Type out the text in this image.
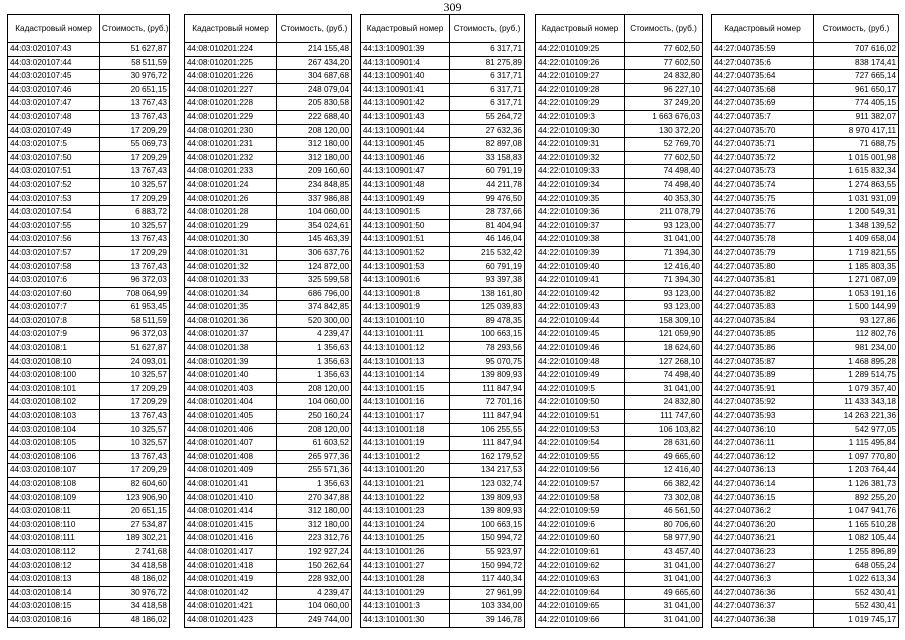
309
Кадастровый номер	Стоимость, (руб.)
44:03:020107:43	51 627,87
44:03:020107:44	58 511,59
44:03:020107:45	30 976,72
44:03:020107:46	20 651,15
44:03:020107:47	13 767,43
44:03:020107:48	13 767,43
44:03:020107:49	17 209,29
44:03:020107:5	55 069,73
44:03:020107:50	17 209,29
44:03:020107:51	13 767,43
44:03:020107:52	10 325,57
44:03:020107:53	17 209,29
44:03:020107:54	6 883,72
44:03:020107:55	10 325,57
44:03:020107:56	13 767,43
44:03:020107:57	17 209,29
44:03:020107:58	13 767,43
44:03:020107:6	96 372,03
44:03:020107:60	708 064,99
44:03:020107:7	61 953,45
44:03:020107:8	58 511,59
44:03:020107:9	96 372,03
44:03:020108:1	51 627,87
44:03:020108:10	24 093,01
44:03:020108:100	10 325,57
44:03:020108:101	17 209,29
44:03:020108:102	17 209,29
44:03:020108:103	13 767,43
44:03:020108:104	10 325,57
44:03:020108:105	10 325,57
44:03:020108:106	13 767,43
44:03:020108:107	17 209,29
44:03:020108:108	82 604,60
44:03:020108:109	123 906,90
44:03:020108:11	20 651,15
44:03:020108:110	27 534,87
44:03:020108:111	189 302,21
44:03:020108:112	2 741,68
44:03:020108:12	34 418,58
44:03:020108:13	48 186,02
44:03:020108:14	30 976,72
44:03:020108:15	34 418,58
44:03:020108:16	48 186,02
Кадастровый номер	Стоимость, (руб.)
44:08:010201:224	214 155,48
44:08:010201:225	267 434,20
44:08:010201:226	304 687,68
44:08:010201:227	248 079,04
44:08:010201:228	205 830,58
44:08:010201:229	222 688,40
44:08:010201:230	208 120,00
44:08:010201:231	312 180,00
44:08:010201:232	312 180,00
44:08:010201:233	209 160,60
44:08:010201:24	234 848,85
44:08:010201:26	337 986,88
44:08:010201:28	104 060,00
44:08:010201:29	354 024,61
44:08:010201:30	145 463,39
44:08:010201:31	306 637,76
44:08:010201:32	124 872,00
44:08:010201:33	325 599,58
44:08:010201:34	686 796,00
44:08:010201:35	374 842,85
44:08:010201:36	520 300,00
44:08:010201:37	4 239,47
44:08:010201:38	1 356,63
44:08:010201:39	1 356,63
44:08:010201:40	1 356,63
44:08:010201:403	208 120,00
44:08:010201:404	104 060,00
44:08:010201:405	250 160,24
44:08:010201:406	208 120,00
44:08:010201:407	61 603,52
44:08:010201:408	265 977,36
44:08:010201:409	255 571,36
44:08:010201:41	1 356,63
44:08:010201:410	270 347,88
44:08:010201:414	312 180,00
44:08:010201:415	312 180,00
44:08:010201:416	223 312,76
44:08:010201:417	192 927,24
44:08:010201:418	150 262,64
44:08:010201:419	228 932,00
44:08:010201:42	4 239,47
44:08:010201:421	104 060,00
44:08:010201:423	249 744,00
Кадастровый номер	Стоимость, (руб.)
44:13:100901:39	6 317,71
44:13:100901:4	81 275,89
44:13:100901:40	6 317,71
44:13:100901:41	6 317,71
44:13:100901:42	6 317,71
44:13:100901:43	55 264,72
44:13:100901:44	27 632,36
44:13:100901:45	82 897,08
44:13:100901:46	33 158,83
44:13:100901:47	60 791,19
44:13:100901:48	44 211,78
44:13:100901:49	99 476,50
44:13:100901:5	28 737,66
44:13:100901:50	81 404,94
44:13:100901:51	46 146,04
44:13:100901:52	215 532,42
44:13:100901:53	60 791,19
44:13:100901:6	93 397,38
44:13:100901:8	138 161,80
44:13:100901:9	125 039,83
44:13:101001:10	89 478,35
44:13:101001:11	100 663,15
44:13:101001:12	78 293,56
44:13:101001:13	95 070,75
44:13:101001:14	139 809,93
44:13:101001:15	111 847,94
44:13:101001:16	72 701,16
44:13:101001:17	111 847,94
44:13:101001:18	106 255,55
44:13:101001:19	111 847,94
44:13:101001:2	162 179,52
44:13:101001:20	134 217,53
44:13:101001:21	123 032,74
44:13:101001:22	139 809,93
44:13:101001:23	139 809,93
44:13:101001:24	100 663,15
44:13:101001:25	150 994,72
44:13:101001:26	55 923,97
44:13:101001:27	150 994,72
44:13:101001:28	117 440,34
44:13:101001:29	27 961,99
44:13:101001:3	103 334,00
44:13:101001:30	39 146,78
Кадастровый номер	Стоимость, (руб.)
44:22:010109:25	77 602,50
44:22:010109:26	77 602,50
44:22:010109:27	24 832,80
44:22:010109:28	96 227,10
44:22:010109:29	37 249,20
44:22:010109:3	1 663 676,03
44:22:010109:30	130 372,20
44:22:010109:31	52 769,70
44:22:010109:32	77 602,50
44:22:010109:33	74 498,40
44:22:010109:34	74 498,40
44:22:010109:35	40 353,30
44:22:010109:36	211 078,79
44:22:010109:37	93 123,00
44:22:010109:38	31 041,00
44:22:010109:39	71 394,30
44:22:010109:40	12 416,40
44:22:010109:41	71 394,30
44:22:010109:42	93 123,00
44:22:010109:43	93 123,00
44:22:010109:44	158 309,10
44:22:010109:45	121 059,90
44:22:010109:46	18 624,60
44:22:010109:48	127 268,10
44:22:010109:49	74 498,40
44:22:010109:5	31 041,00
44:22:010109:50	24 832,80
44:22:010109:51	111 747,60
44:22:010109:53	106 103,82
44:22:010109:54	28 631,60
44:22:010109:55	49 665,60
44:22:010109:56	12 416,40
44:22:010109:57	66 382,42
44:22:010109:58	73 302,08
44:22:010109:59	46 561,50
44:22:010109:6	80 706,60
44:22:010109:60	58 977,90
44:22:010109:61	43 457,40
44:22:010109:62	31 041,00
44:22:010109:63	31 041,00
44:22:010109:64	49 665,60
44:22:010109:65	31 041,00
44:22:010109:66	31 041,00
Кадастровый номер	Стоимость, (руб.)
44:27:040735:59	707 616,02
44:27:040735:6	838 174,41
44:27:040735:64	727 665,14
44:27:040735:68	961 650,17
44:27:040735:69	774 405,15
44:27:040735:7	911 382,07
44:27:040735:70	8 970 417,11
44:27:040735:71	71 688,75
44:27:040735:72	1 015 001,98
44:27:040735:73	1 615 832,34
44:27:040735:74	1 274 863,55
44:27:040735:75	1 031 931,09
44:27:040735:76	1 200 549,31
44:27:040735:77	1 348 139,52
44:27:040735:78	1 409 658,04
44:27:040735:79	1 719 821,55
44:27:040735:80	1 185 803,35
44:27:040735:81	1 271 087,09
44:27:040735:82	1 053 191,16
44:27:040735:83	1 500 144,99
44:27:040735:84	93 127,86
44:27:040735:85	112 802,76
44:27:040735:86	981 234,00
44:27:040735:87	1 468 895,28
44:27:040735:89	1 289 514,75
44:27:040735:91	1 079 357,40
44:27:040735:92	11 433 343,18
44:27:040735:93	14 263 221,36
44:27:040736:10	542 977,05
44:27:040736:11	1 115 495,84
44:27:040736:12	1 097 770,80
44:27:040736:13	1 203 764,44
44:27:040736:14	1 126 381,73
44:27:040736:15	892 255,20
44:27:040736:2	1 047 941,76
44:27:040736:20	1 165 510,28
44:27:040736:21	1 082 105,44
44:27:040736:23	1 255 896,89
44:27:040736:27	648 055,24
44:27:040736:3	1 022 613,34
44:27:040736:36	552 430,41
44:27:040736:37	552 430,41
44:27:040736:38	1 019 745,17
